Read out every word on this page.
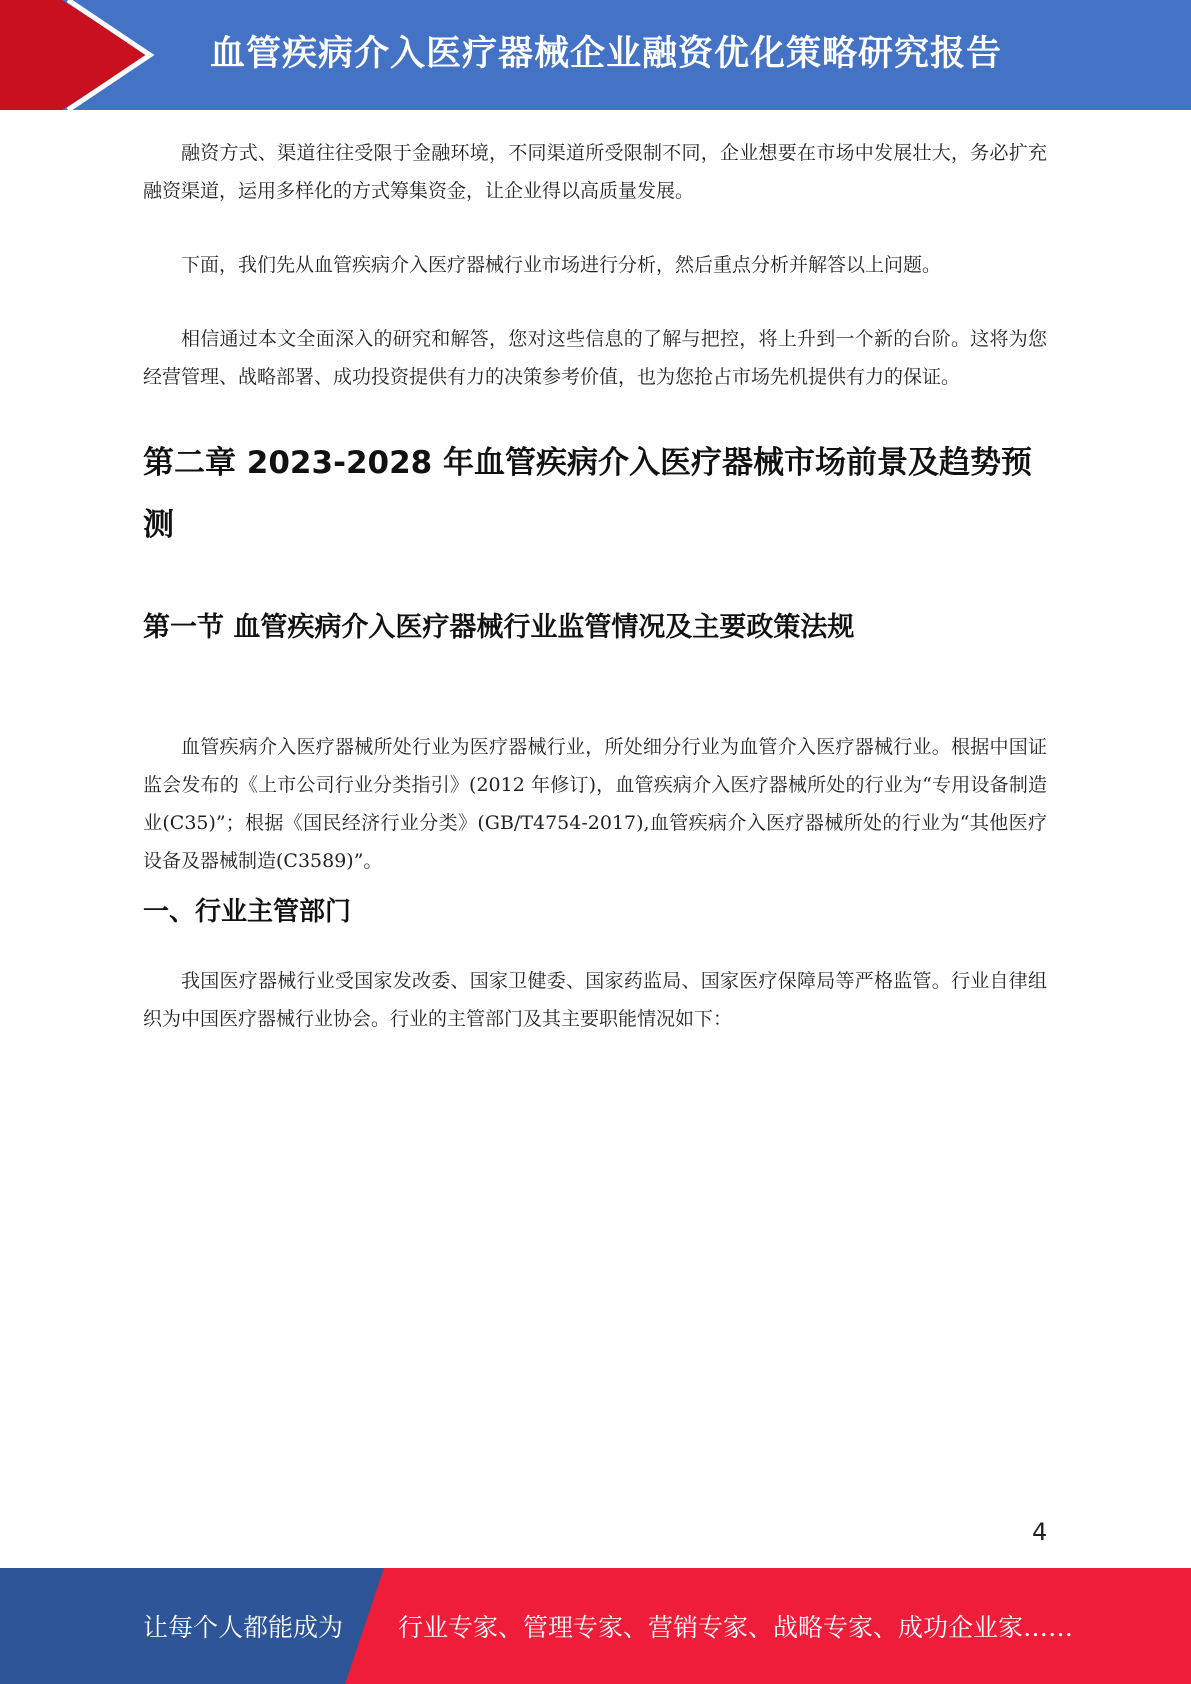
血管疾病介入医疗器械企业融资优化策略研究报告

融资方式、渠道往往受限于金融环境，不同渠道所受限制不同，企业想要在市场中发展壮大，务必扩充融资渠道，运用多样化的方式筹集资金，让企业得以高质量发展。

下面，我们先从血管疾病介入医疗器械行业市场进行分析，然后重点分析并解答以上问题。

相信通过本文全面深入的研究和解答，您对这些信息的了解与把控，将上升到一个新的台阶。这将为您经营管理、战略部署、成功投资提供有力的决策参考价值，也为您抢占市场先机提供有力的保证。

第二章 2023-2028 年血管疾病介入医疗器械市场前景及趋势预测
第一节 血管疾病介入医疗器械行业监管情况及主要政策法规

血管疾病介入医疗器械所处行业为医疗器械行业，所处细分行业为血管介入医疗器械行业。根据中国证监会发布的《上市公司行业分类指引》(2012 年修订)，血管疾病介入医疗器械所处的行业为“专用设备制造业(C35)”；根据《国民经济行业分类》(GB/T4754-2017),血管疾病介入医疗器械所处的行业为“其他医疗设备及器械制造(C3589)”。

一、行业主管部门

我国医疗器械行业受国家发改委、国家卫健委、国家药监局、国家医疗保障局等严格监管。行业自律组织为中国医疗器械行业协会。行业的主管部门及其主要职能情况如下：

4
让每个人都能成为 行业专家、管理专家、营销专家、战略专家、成功企业家……
